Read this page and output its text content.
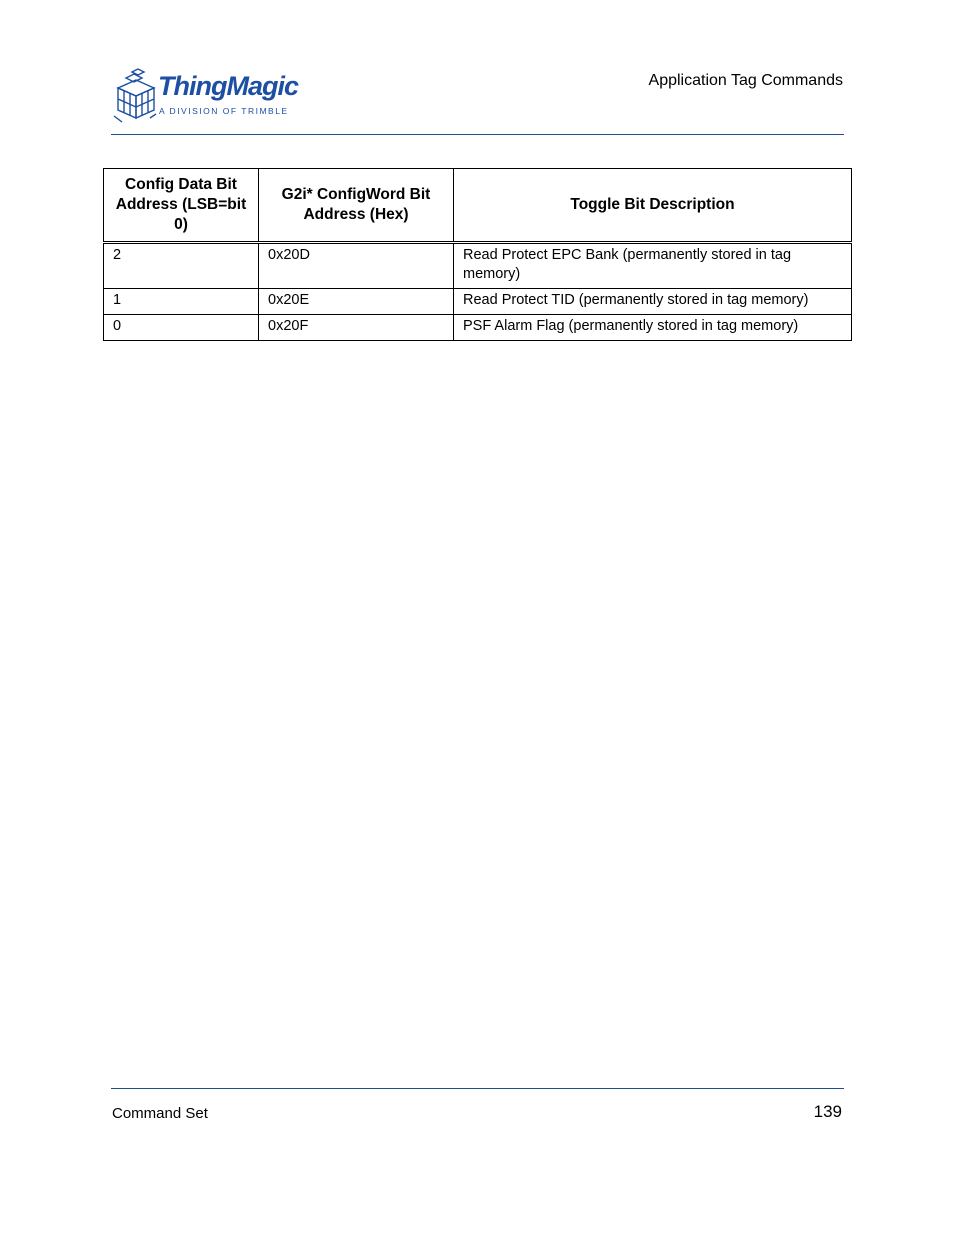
ThingMagic
A DIVISION OF TRIMBLE
Application Tag Commands
Config Data Bit Address (LSB=bit 0)	G2i* ConfigWord Bit Address (Hex)	Toggle Bit Description
2	0x20D	Read Protect EPC Bank (permanently stored in tag memory)
1	0x20E	Read Protect TID (permanently stored in tag memory)
0	0x20F	PSF Alarm Flag (permanently stored in tag memory)
Command Set	139
